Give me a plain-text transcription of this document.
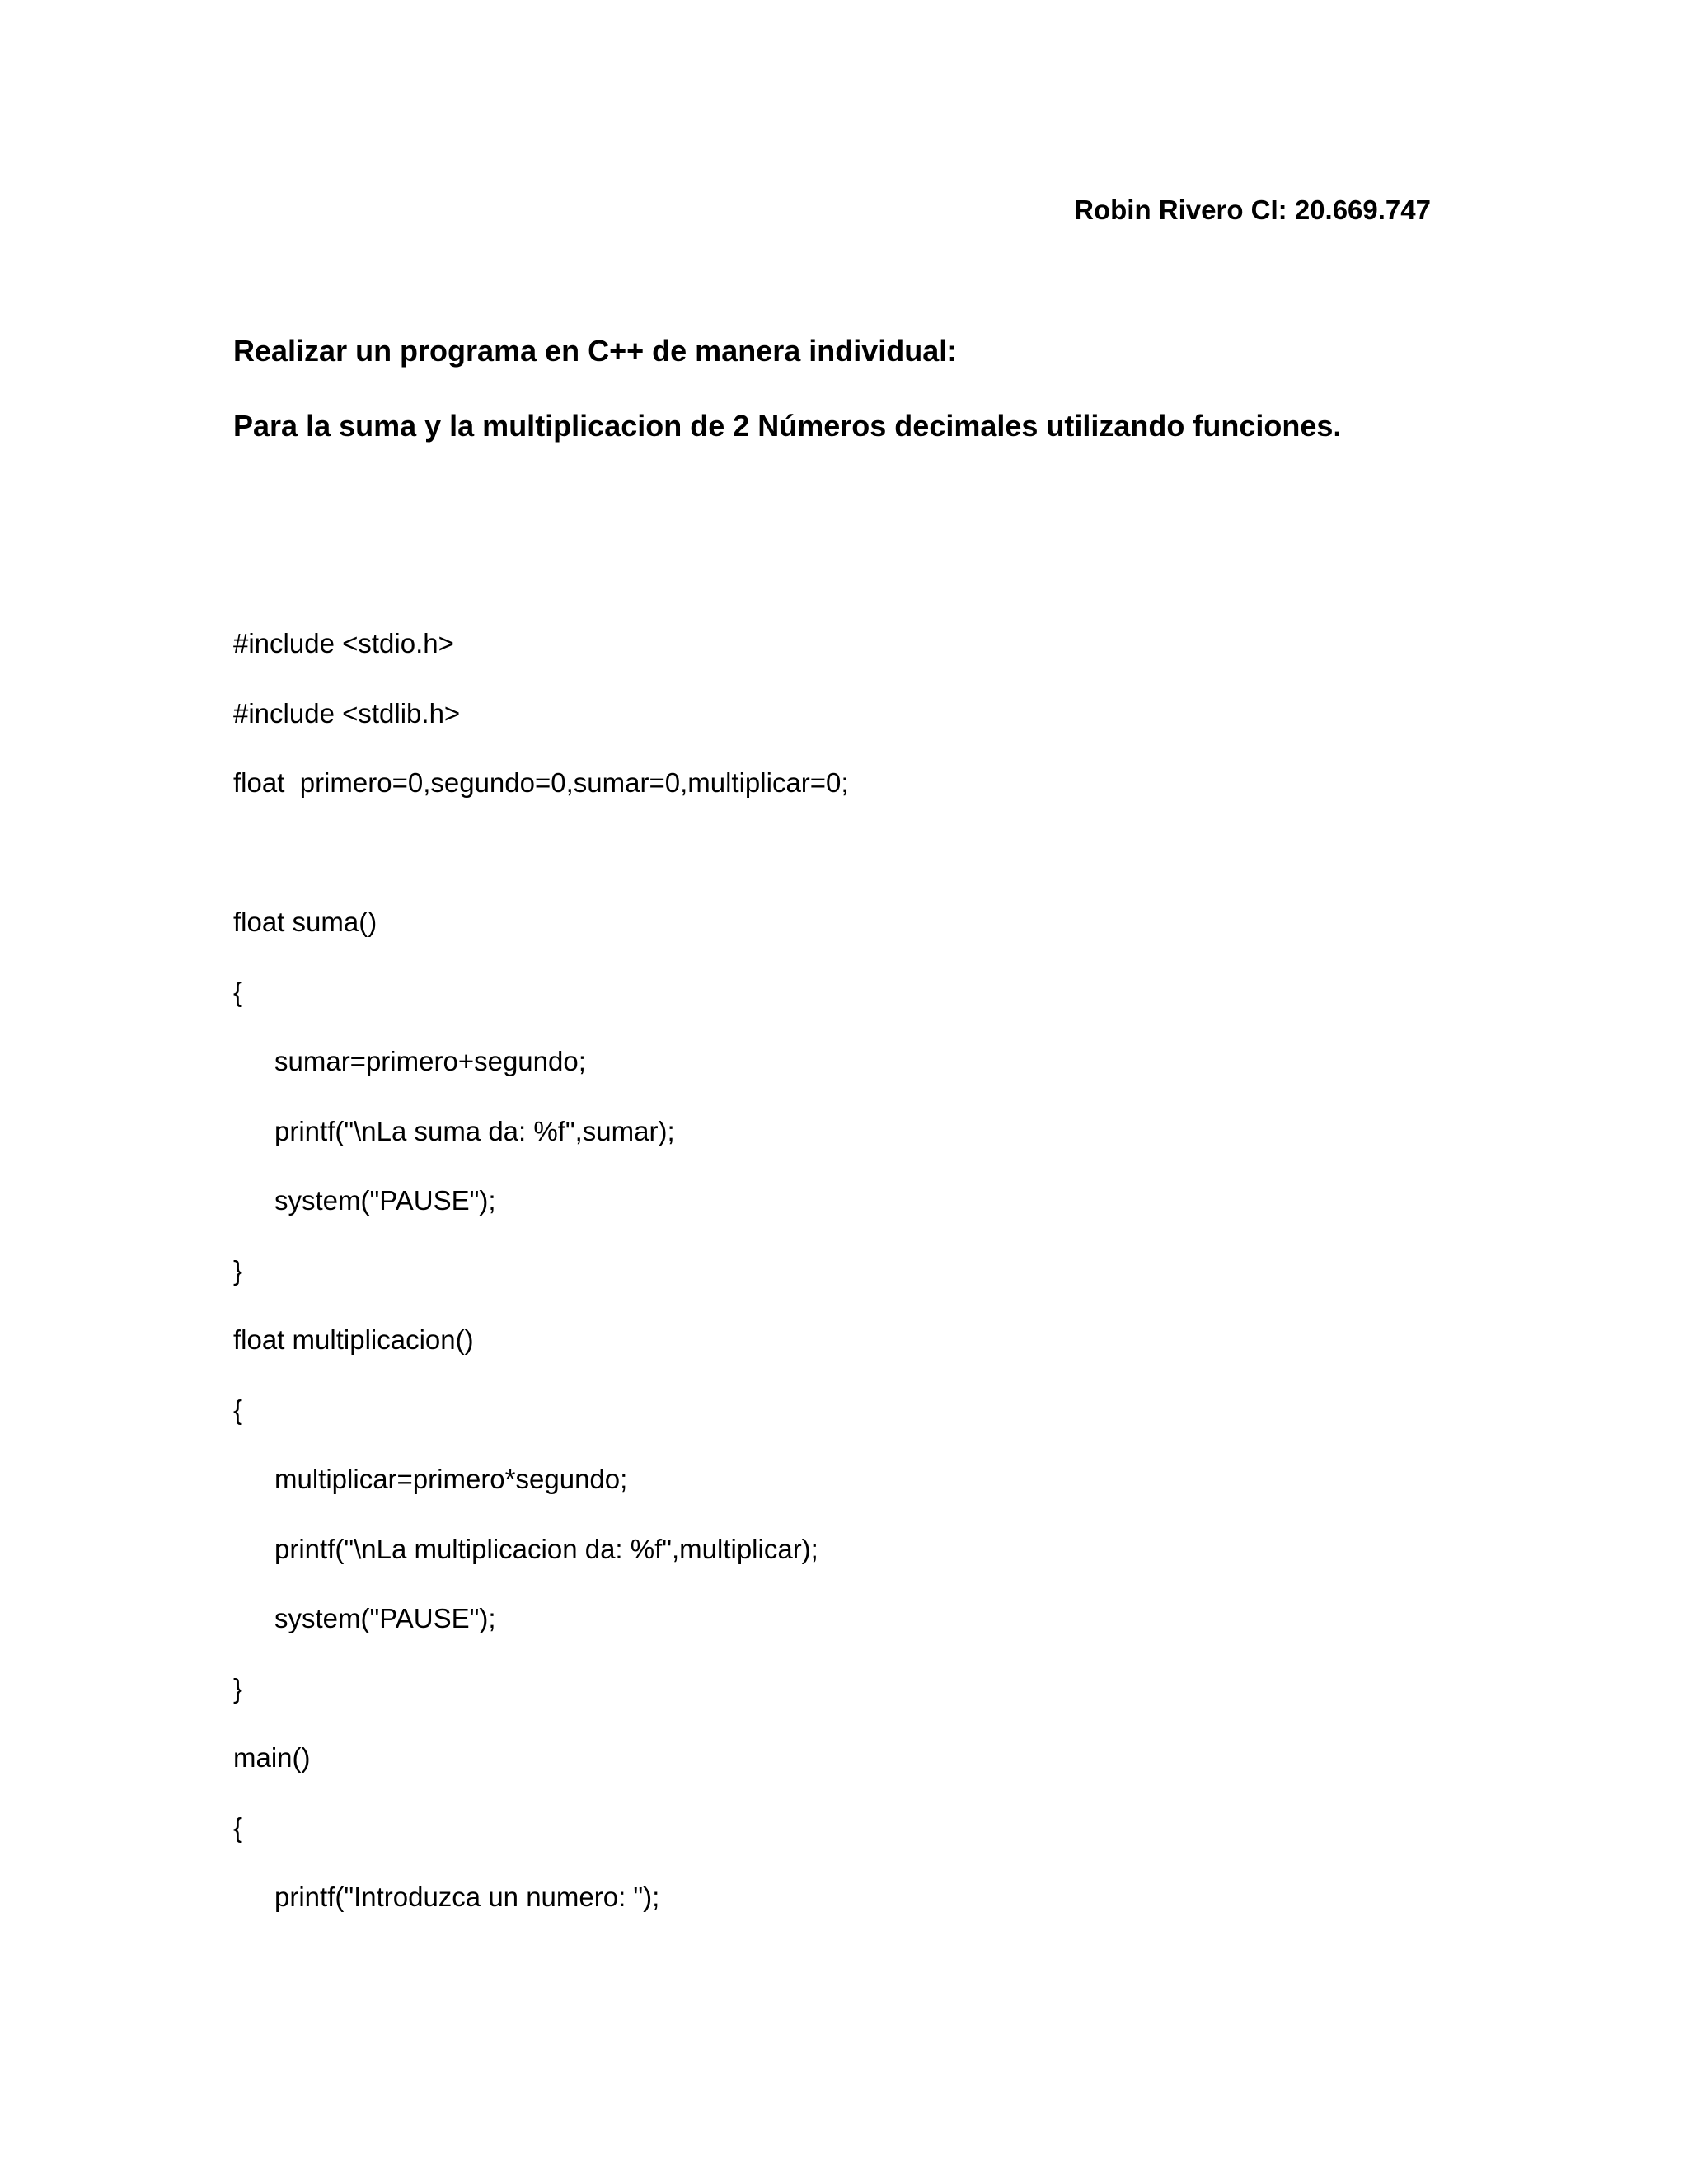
Robin Rivero CI: 20.669.747
Realizar un programa en C++ de manera individual:
Para la suma y la multiplicacion de 2 Números decimales utilizando funciones.
#include <stdio.h>
#include <stdlib.h>
float  primero=0,segundo=0,sumar=0,multiplicar=0;
float suma()
{
sumar=primero+segundo;
printf("\nLa suma da: %f",sumar);
system("PAUSE");
}
float multiplicacion()
{
multiplicar=primero*segundo;
printf("\nLa multiplicacion da: %f",multiplicar);
system("PAUSE");
}
main()
{
printf("Introduzca un numero: ");
